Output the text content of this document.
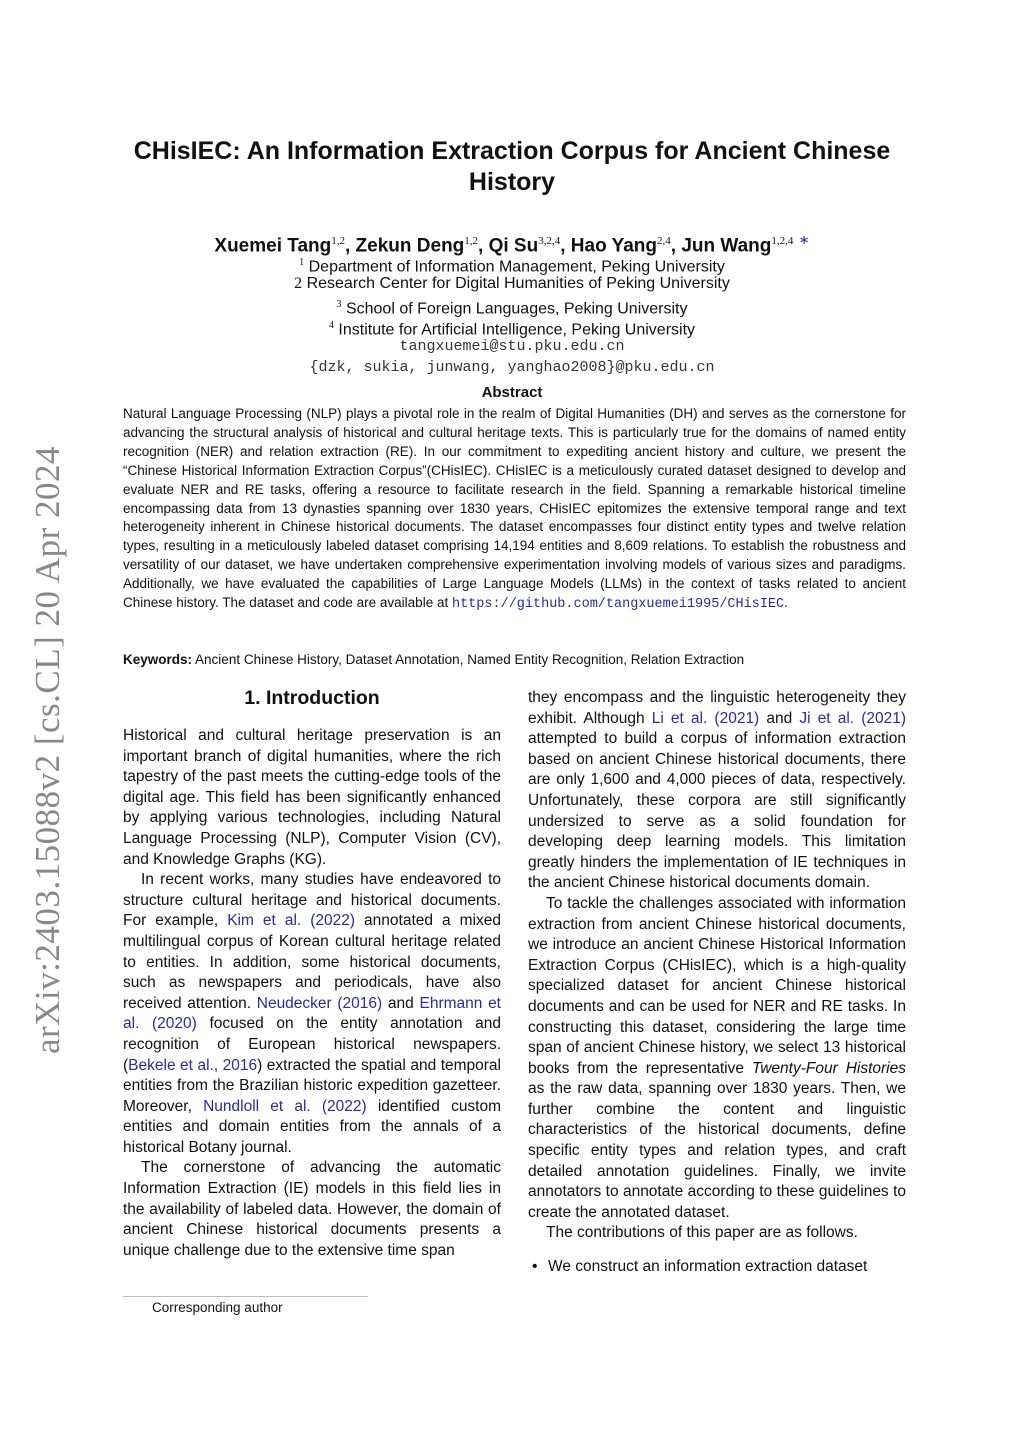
arXiv:2403.15088v2 [cs.CL] 20 Apr 2024
CHisIEC: An Information Extraction Corpus for Ancient Chinese History
Xuemei Tang$^{1,2}$, Zekun Deng$^{1,2}$, Qi Su$^{3,2,4}$, Hao Yang$^{2,4}$, Jun Wang$^{1,2,4}$ ∗
$^1$ Department of Information Management, Peking University
2 Research Center for Digital Humanities of Peking University
$^3$ School of Foreign Languages, Peking University
$^4$ Institute for Artificial Intelligence, Peking University
tangxuemei@stu.pku.edu.cn
{dzk, sukia, junwang, yanghao2008}@pku.edu.cn
Abstract
Natural Language Processing (NLP) plays a pivotal role in the realm of Digital Humanities (DH) and serves as the cornerstone for advancing the structural analysis of historical and cultural heritage texts. This is particularly true for the domains of named entity recognition (NER) and relation extraction (RE). In our commitment to expediting ancient history and culture, we present the “Chinese Historical Information Extraction Corpus”(CHisIEC). CHisIEC is a meticulously curated dataset designed to develop and evaluate NER and RE tasks, offering a resource to facilitate research in the field. Spanning a remarkable historical timeline encompassing data from 13 dynasties spanning over 1830 years, CHisIEC epitomizes the extensive temporal range and text heterogeneity inherent in Chinese historical documents. The dataset encompasses four distinct entity types and twelve relation types, resulting in a meticulously labeled dataset comprising 14,194 entities and 8,609 relations. To establish the robustness and versatility of our dataset, we have undertaken comprehensive experimentation involving models of various sizes and paradigms. Additionally, we have evaluated the capabilities of Large Language Models (LLMs) in the context of tasks related to ancient Chinese history. The dataset and code are available at https://github.com/tangxuemei1995/CHisIEC.
Keywords: Ancient Chinese History, Dataset Annotation, Named Entity Recognition, Relation Extraction
1. Introduction

Historical and cultural heritage preservation is an important branch of digital humanities, where the rich tapestry of the past meets the cutting-edge tools of the digital age. This field has been significantly enhanced by applying various technologies, including Natural Language Processing (NLP), Computer Vision (CV), and Knowledge Graphs (KG).

In recent works, many studies have endeavored to structure cultural heritage and historical documents. For example, Kim et al. (2022) annotated a mixed multilingual corpus of Korean cultural heritage related to entities. In addition, some historical documents, such as newspapers and periodicals, have also received attention. Neudecker (2016) and Ehrmann et al. (2020) focused on the entity annotation and recognition of European historical newspapers. (Bekele et al., 2016) extracted the spatial and temporal entities from the Brazilian historic expedition gazetteer. Moreover, Nundloll et al. (2022) identified custom entities and domain entities from the annals of a historical Botany journal.

The cornerstone of advancing the automatic Information Extraction (IE) models in this field lies in the availability of labeled data. However, the domain of ancient Chinese historical documents presents a unique challenge due to the extensive time span

they encompass and the linguistic heterogeneity they exhibit. Although Li et al. (2021) and Ji et al. (2021) attempted to build a corpus of information extraction based on ancient Chinese historical documents, there are only 1,600 and 4,000 pieces of data, respectively. Unfortunately, these corpora are still significantly undersized to serve as a solid foundation for developing deep learning models. This limitation greatly hinders the implementation of IE techniques in the ancient Chinese historical documents domain.

To tackle the challenges associated with information extraction from ancient Chinese historical documents, we introduce an ancient Chinese Historical Information Extraction Corpus (CHisIEC), which is a high-quality specialized dataset for ancient Chinese historical documents and can be used for NER and RE tasks. In constructing this dataset, considering the large time span of ancient Chinese history, we select 13 historical books from the representative Twenty-Four Histories as the raw data, spanning over 1830 years. Then, we further combine the content and linguistic characteristics of the historical documents, define specific entity types and relation types, and craft detailed annotation guidelines. Finally, we invite annotators to annotate according to these guidelines to create the annotated dataset.

The contributions of this paper are as follows.

• We construct an information extraction dataset
Corresponding author
